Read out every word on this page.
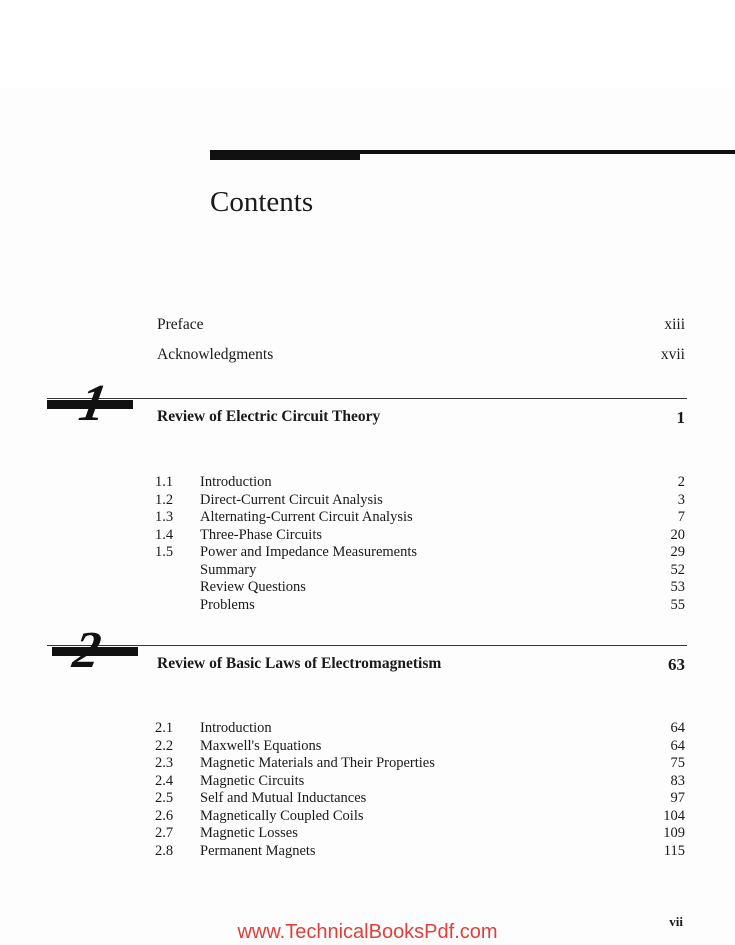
Contents
Preface	xiii
Acknowledgments	xvii
1	Review of Electric Circuit Theory	1
1.1	Introduction	2
1.2	Direct-Current Circuit Analysis	3
1.3	Alternating-Current Circuit Analysis	7
1.4	Three-Phase Circuits	20
1.5	Power and Impedance Measurements	29
Summary	52
Review Questions	53
Problems	55
2	Review of Basic Laws of Electromagnetism	63
2.1	Introduction	64
2.2	Maxwell's Equations	64
2.3	Magnetic Materials and Their Properties	75
2.4	Magnetic Circuits	83
2.5	Self and Mutual Inductances	97
2.6	Magnetically Coupled Coils	104
2.7	Magnetic Losses	109
2.8	Permanent Magnets	115
vii
www.TechnicalBooksPdf.com
